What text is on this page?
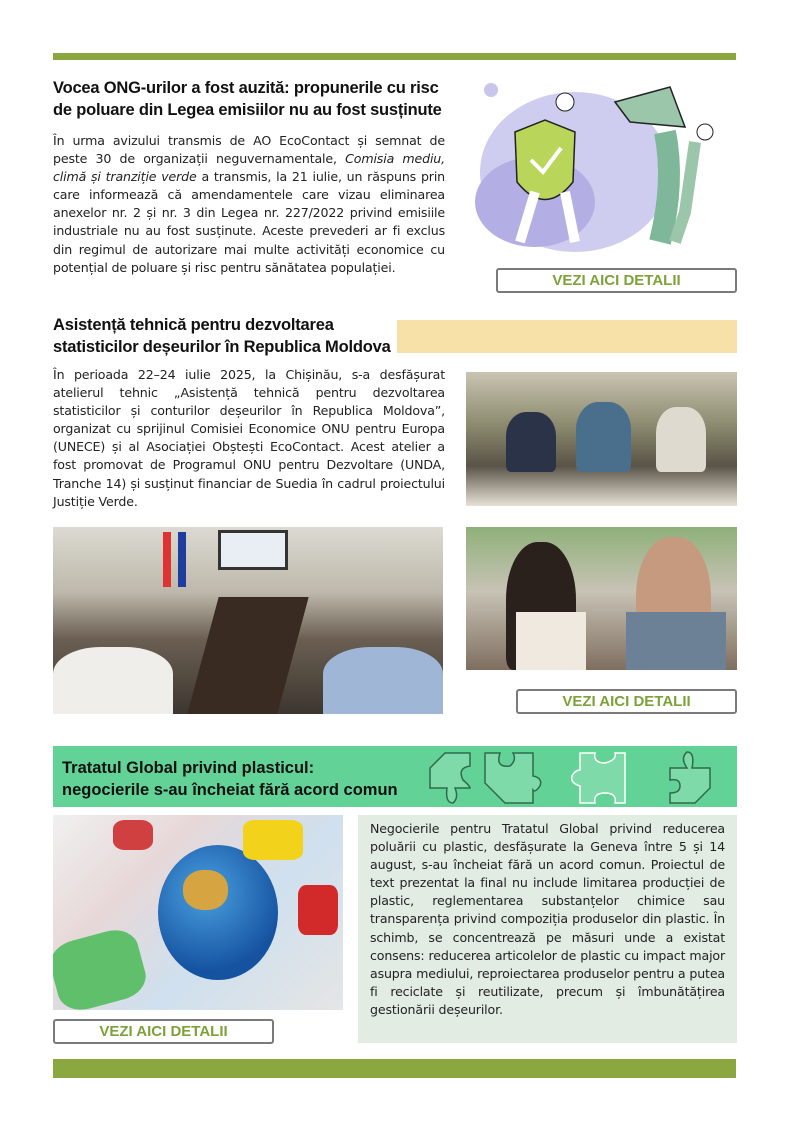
Vocea ONG-urilor a fost auzită: propunerile cu risc de poluare din Legea emisiilor nu au fost susținute

În urma avizului transmis de AO EcoContact și semnat de peste 30 de organizații neguvernamentale, Comisia mediu, climă și tranziție verde a transmis, la 21 iulie, un răspuns prin care informează că amendamentele care vizau eliminarea anexelor nr. 2 și nr. 3 din Legea nr. 227/2022 privind emisiile industriale nu au fost susținute. Aceste prevederi ar fi exclus din regimul de autorizare mai multe activități economice cu potențial de poluare și risc pentru sănătatea populației.

VEZI AICI DETALII
Asistență tehnică pentru dezvoltarea statisticilor deșeurilor în Republica Moldova

În perioada 22–24 iulie 2025, la Chișinău, s-a desfășurat atelierul tehnic „Asistență tehnică pentru dezvoltarea statisticilor și conturilor deșeurilor în Republica Moldova”, organizat cu sprijinul Comisiei Economice ONU pentru Europa (UNECE) și al Asociației Obștești EcoContact. Acest atelier a fost promovat de Programul ONU pentru Dezvoltare (UNDA, Tranche 14) și susținut financiar de Suedia în cadrul proiectului Justiție Verde.

VEZI AICI DETALII
Tratatul Global privind plasticul:
negocierile s-au încheiat fără acord comun
VEZI AICI DETALII

Negocierile pentru Tratatul Global privind reducerea poluării cu plastic, desfășurate la Geneva între 5 și 14 august, s-au încheiat fără un acord comun. Proiectul de text prezentat la final nu include limitarea producției de plastic, reglementarea substanțelor chimice sau transparența privind compoziția produselor din plastic. În schimb, se concentrează pe măsuri unde a existat consens: reducerea articolelor de plastic cu impact major asupra mediului, reproiectarea produselor pentru a putea fi reciclate și reutilizate, precum și îmbunătățirea gestionării deșeurilor.
